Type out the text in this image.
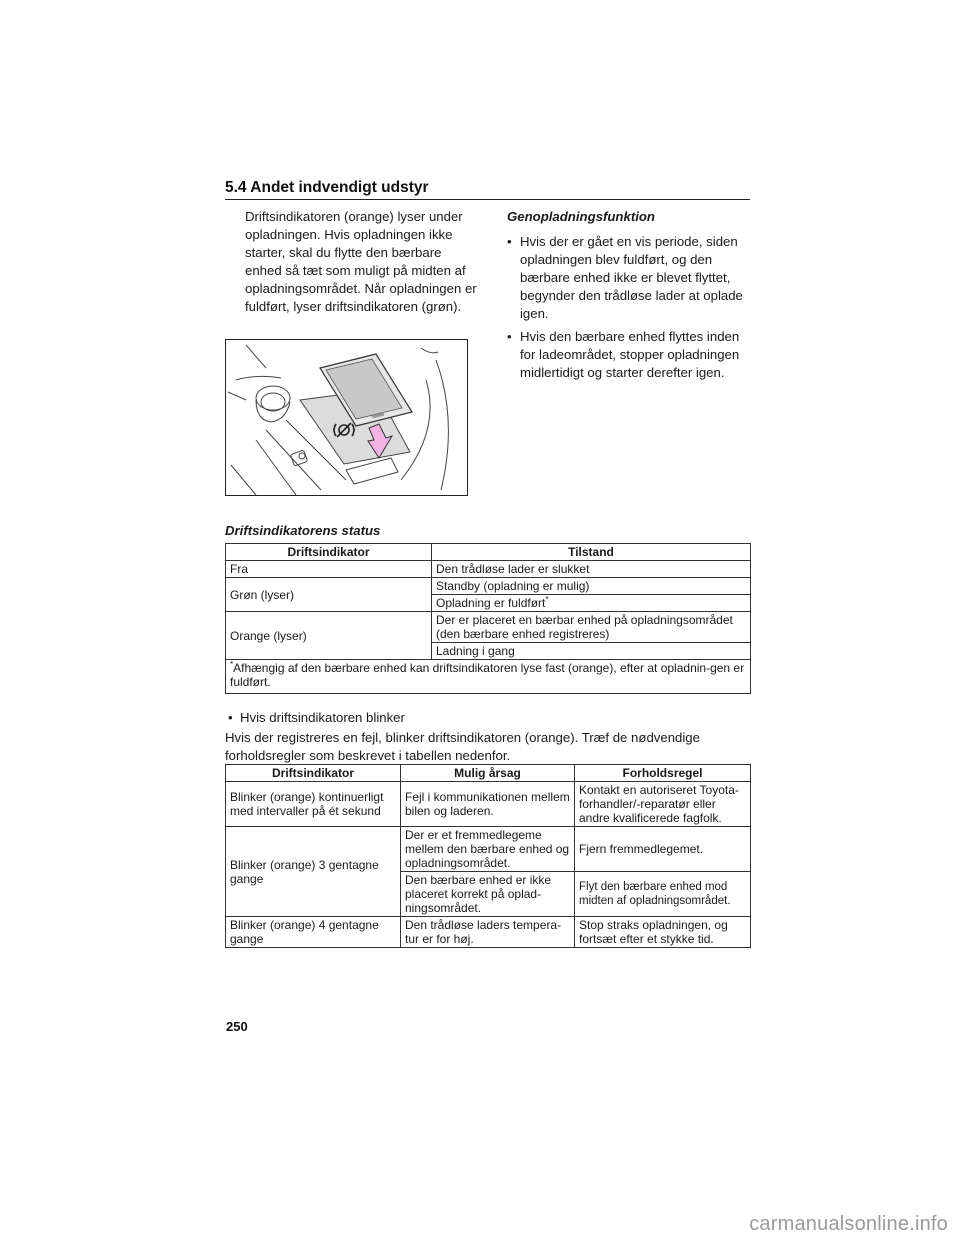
5.4 Andet indvendigt udstyr
Driftsindikatoren (orange) lyser under opladningen. Hvis opladningen ikke starter, skal du flytte den bærbare enhed så tæt som muligt på midten af opladningsområdet. Når opladningen er fuldført, lyser driftsindikatoren (grøn).
Genopladningsfunktion
• Hvis der er gået en vis periode, siden opladningen blev fuldført, og den bærbare enhed ikke er blevet flyttet, begynder den trådløse lader at oplade igen.
• Hvis den bærbare enhed flyttes inden for ladeområdet, stopper opladningen midlertidigt og starter derefter igen.
Driftsindikatorens status
Driftsindikator	Tilstand
Fra	Den trådløse lader er slukket
Grøn (lyser)	Standby (opladning er mulig)
	Opladning er fuldført*
Orange (lyser)	Der er placeret en bærbar enhed på opladningsområdet (den bærbare enhed registreres)
	Ladning i gang
*Afhængig af den bærbare enhed kan driftsindikatoren lyse fast (orange), efter at opladnin-gen er fuldført.	
• Hvis driftsindikatoren blinker
Hvis der registreres en fejl, blinker driftsindikatoren (orange). Træf de nødvendige forholdsregler som beskrevet i tabellen nedenfor.
Driftsindikator	Mulig årsag	Forholdsregel
Blinker (orange) kontinuerligt med intervaller på ét sekund	Fejl i kommunikationen mellem bilen og laderen.	Kontakt en autoriseret Toyota-forhandler/-reparatør eller andre kvalificerede fagfolk.
Blinker (orange) 3 gentagne gange	Der er et fremmedlegeme mellem den bærbare enhed og opladningsområdet.	Fjern fremmedlegemet.
	Den bærbare enhed er ikke placeret korrekt på oplad-ningsområdet.	Flyt den bærbare enhed mod midten af opladningsområdet.
Blinker (orange) 4 gentagne gange	Den trådløse laders tempera-tur er for høj.	Stop straks opladningen, og fortsæt efter et stykke tid.
250
carmanualsonline.info
